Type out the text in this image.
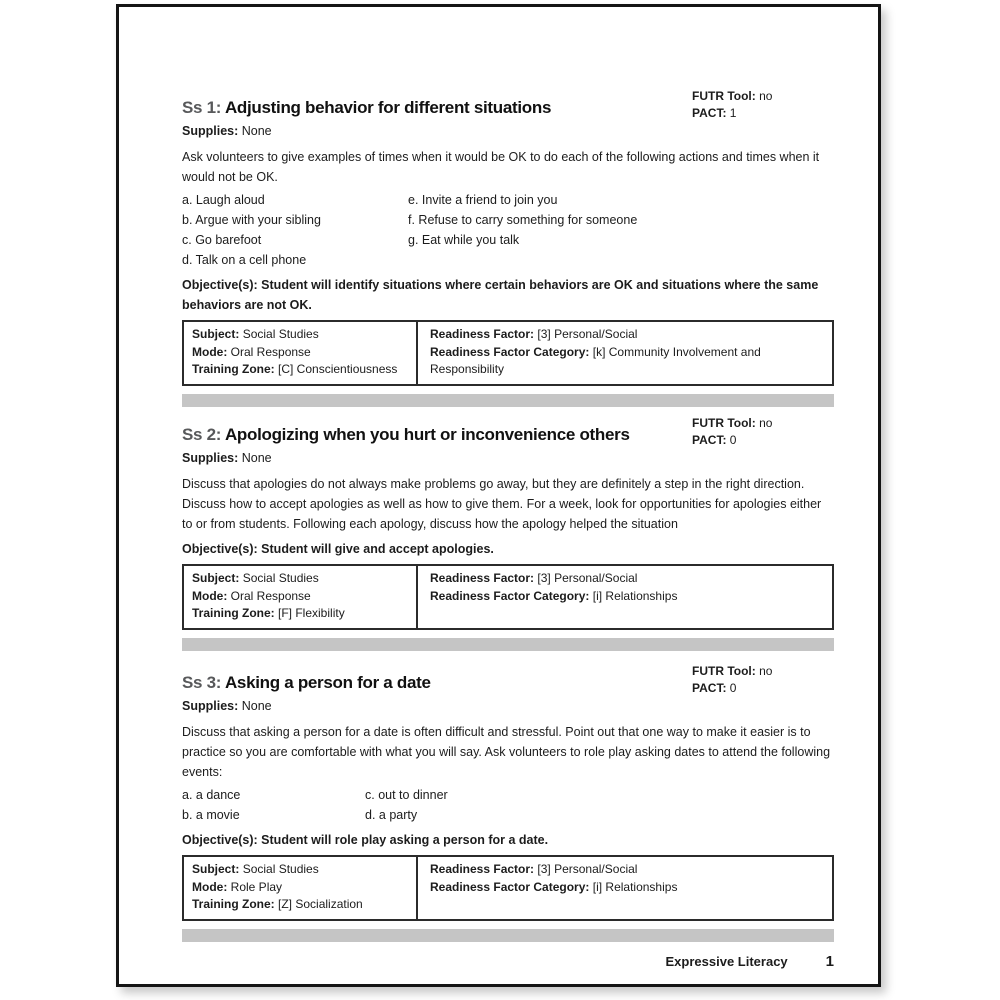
Ss 1: Adjusting behavior for different situations
FUTR Tool: no
PACT: 1
Supplies: None
Ask volunteers to give examples of times when it would be OK to do each of the following actions and times when it would not be OK.
a. Laugh aloud
b. Argue with your sibling
c. Go barefoot
d. Talk on a cell phone
e. Invite a friend to join you
f. Refuse to carry something for someone
g. Eat while you talk
Objective(s): Student will identify situations where certain behaviors are OK and situations where the same behaviors are not OK.
Subject: Social Studies
Mode: Oral Response
Training Zone: [C] Conscientiousness
Readiness Factor: [3] Personal/Social
Readiness Factor Category: [k] Community Involvement and Responsibility
Ss 2: Apologizing when you hurt or inconvenience others
FUTR Tool: no
PACT: 0
Supplies: None
Discuss that apologies do not always make problems go away, but they are definitely a step in the right direction. Discuss how to accept apologies as well as how to give them. For a week, look for opportunities for apologies either to or from students. Following each apology, discuss how the apology helped the situation
Objective(s): Student will give and accept apologies.
Subject: Social Studies
Mode: Oral Response
Training Zone: [F] Flexibility
Readiness Factor: [3] Personal/Social
Readiness Factor Category: [i] Relationships
Ss 3: Asking a person for a date
FUTR Tool: no
PACT: 0
Supplies: None
Discuss that asking a person for a date is often difficult and stressful. Point out that one way to make it easier is to practice so you are comfortable with what you will say. Ask volunteers to role play asking dates to attend the following events:
a. a dance
b. a movie
c. out to dinner
d. a party
Objective(s): Student will role play asking a person for a date.
Subject: Social Studies
Mode: Role Play
Training Zone: [Z] Socialization
Readiness Factor: [3] Personal/Social
Readiness Factor Category: [i] Relationships
Expressive Literacy	1
